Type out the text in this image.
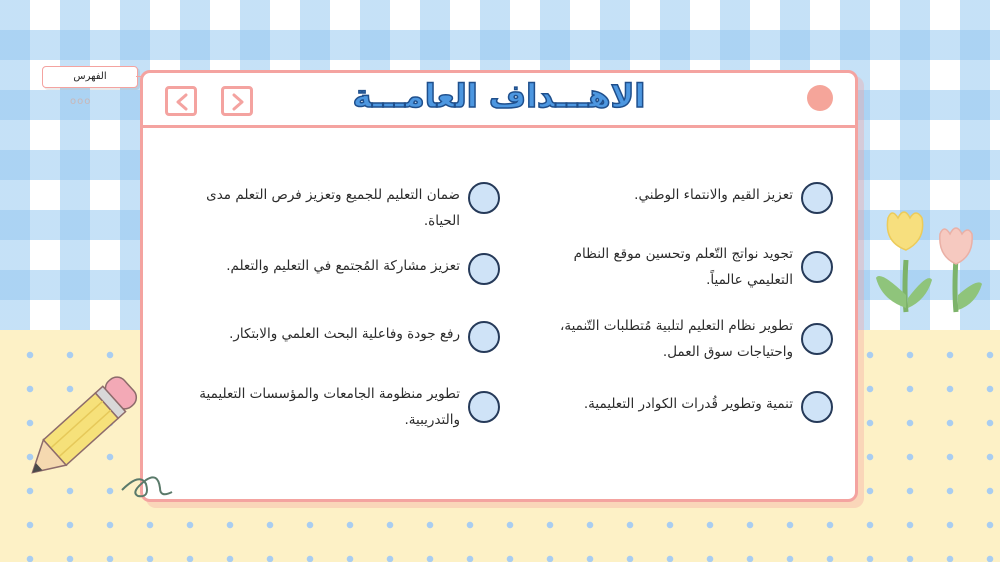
الفهرس
ooo	الاهـــداف العامـــة
تعزيز القيم والانتماء الوطني.
تجويد نواتج التّعلم وتحسين موقع النظام التعليمي عالمياً.
تطوير نظام التعليم لتلبية مُتطلبات التّنمية، واحتياجات سوق العمل.
تنمية وتطوير قُدرات الكوادر التعليمية.
ضمان التعليم للجميع وتعزيز فرص التعلم مدى الحياة.
تعزيز مشاركة المُجتمع في التعليم والتعلم.
رفع جودة وفاعلية البحث العلمي والابتكار.
تطوير منظومة الجامعات والمؤسسات التعليمية والتدريبية.
